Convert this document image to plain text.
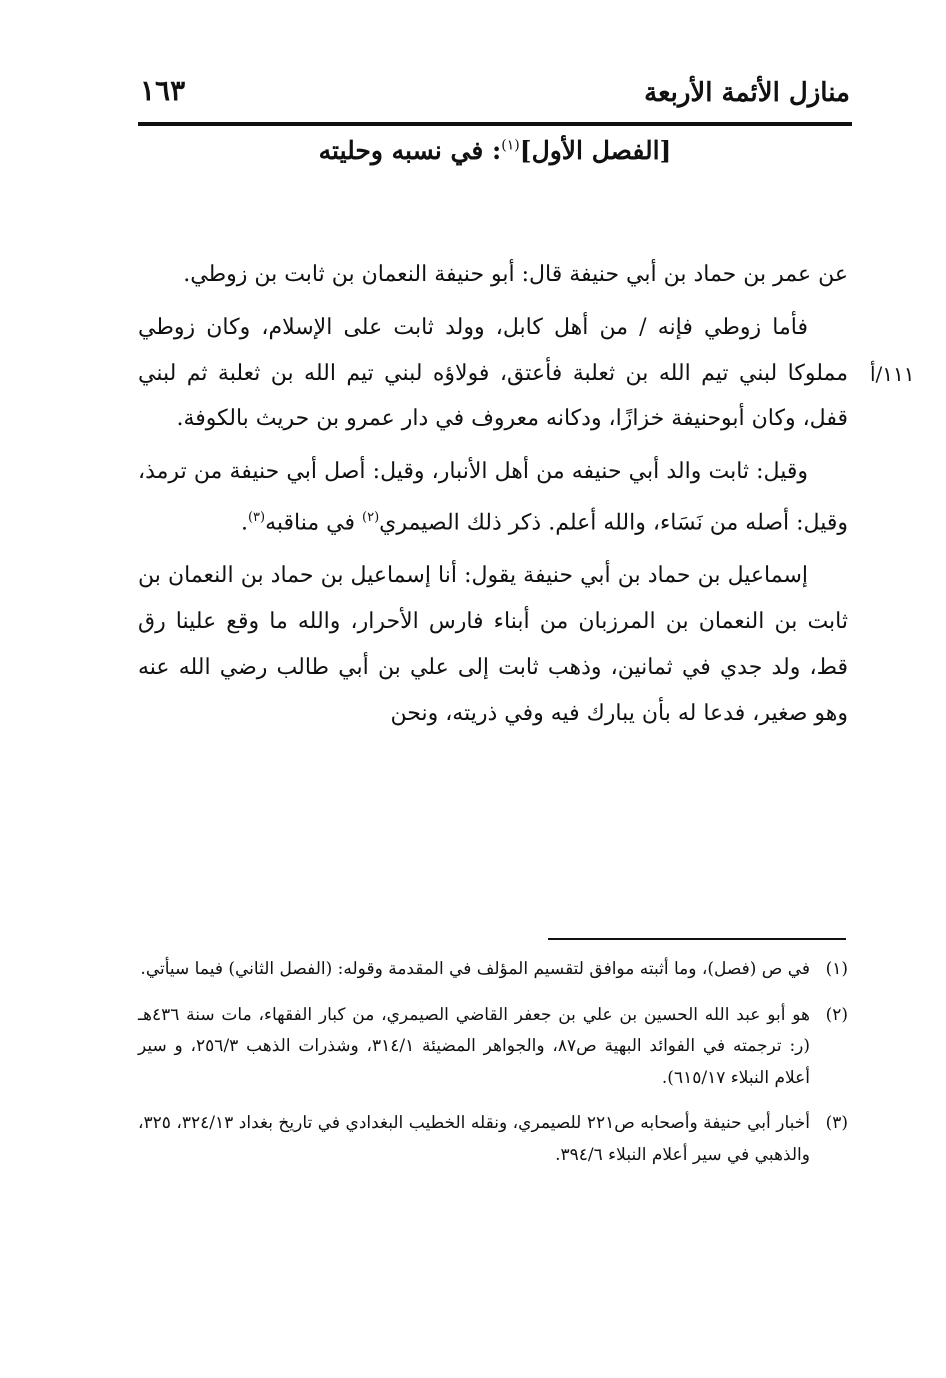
منازل الأئمة الأربعة
١٦٣
[الفصل الأول]$^{(١)}$: في نسبه وحليته
١١١/أ

عن عمر بن حماد بن أبي حنيفة قال: أبو حنيفة النعمان بن ثابت بن زوطي.

فأما زوطي فإنه / من أهل كابل، وولد ثابت على الإسلام، وكان زوطي مملوكا لبني تيم الله بن ثعلبة فأعتق، فولاؤه لبني تيم الله بن ثعلبة ثم لبني قفل، وكان أبوحنيفة خزازًا، ودكانه معروف في دار عمرو بن حريث بالكوفة.

وقيل: ثابت والد أبي حنيفه من أهل الأنبار، وقيل: أصل أبي حنيفة من ترمذ، وقيل: أصله من نَسَاء، والله أعلم. ذكر ذلك الصيمري$^{(٢)}$ في مناقبه$^{(٣)}$.

إسماعيل بن حماد بن أبي حنيفة يقول: أنا إسماعيل بن حماد بن النعمان بن ثابت بن النعمان بن المرزبان من أبناء فارس الأحرار، والله ما وقع علينا رق قط، ولد جدي في ثمانين، وذهب ثابت إلى علي بن أبي طالب رضي الله عنه وهو صغير، فدعا له بأن يبارك فيه وفي ذريته، ونحن

(١)في ص (فصل)، وما أثبته موافق لتقسيم المؤلف في المقدمة وقوله: (الفصل الثاني) فيما سيأتي.
(٢)هو أبو عبد الله الحسين بن علي بن جعفر القاضي الصيمري، من كبار الفقهاء، مات سنة ٤٣٦هـ (ر: ترجمته في الفوائد البهية ص٨٧، والجواهر المضيئة ٣١٤/١، وشذرات الذهب ٢٥٦/٣، و سير أعلام النبلاء ٦١٥/١٧).
(٣)أخبار أبي حنيفة وأصحابه ص٢٢١ للصيمري، ونقله الخطيب البغدادي في تاريخ بغداد ٣٢٤/١٣، ٣٢٥، والذهبي في سير أعلام النبلاء ٣٩٤/٦.
